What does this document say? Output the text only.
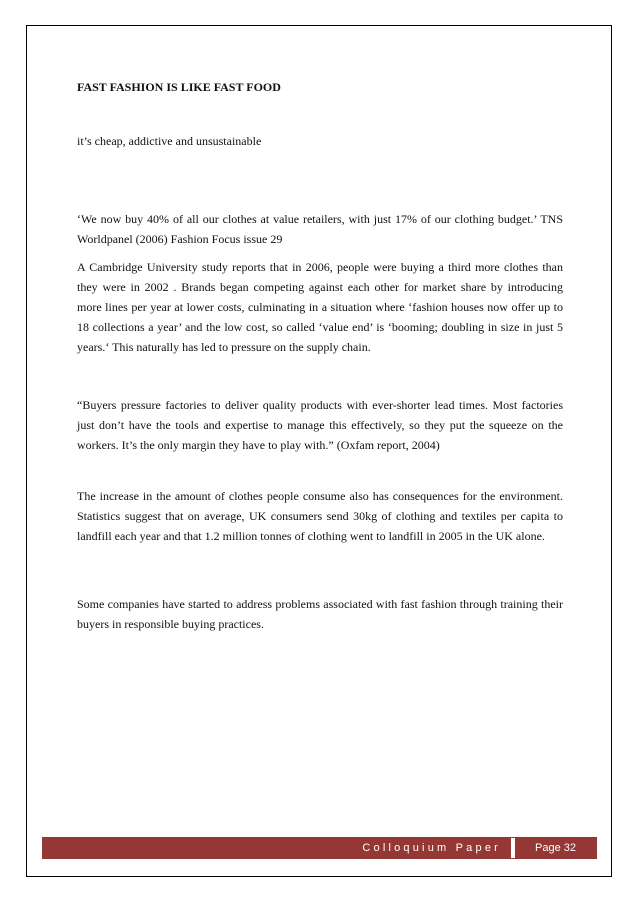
FAST FASHION IS LIKE FAST FOOD

it’s cheap, addictive and unsustainable

‘We now buy 40% of all our clothes at value retailers, with just 17% of our clothing budget.’ TNS Worldpanel (2006) Fashion Focus issue 29

A Cambridge University study reports that in 2006, people were buying a third more clothes than they were in 2002 . Brands began competing against each other for market share by introducing more lines per year at lower costs, culminating in a situation where ‘fashion houses now offer up to 18 collections a year’ and the low cost, so called ‘value end’ is ‘booming; doubling in size in just 5 years.‘ This naturally has led to pressure on the supply chain.

“Buyers pressure factories to deliver quality products with ever-shorter lead times. Most factories just don’t have the tools and expertise to manage this effectively, so they put the squeeze on the workers. It’s the only margin they have to play with.” (Oxfam report, 2004)

The increase in the amount of clothes people consume also has consequences for the environment. Statistics suggest that on average, UK consumers send 30kg of clothing and textiles per capita to landfill each year and that 1.2 million tonnes of clothing went to landfill in 2005 in the UK alone.

Some companies have started to address problems associated with fast fashion through training their buyers in responsible buying practices.

Colloquium Paper	Page 32
